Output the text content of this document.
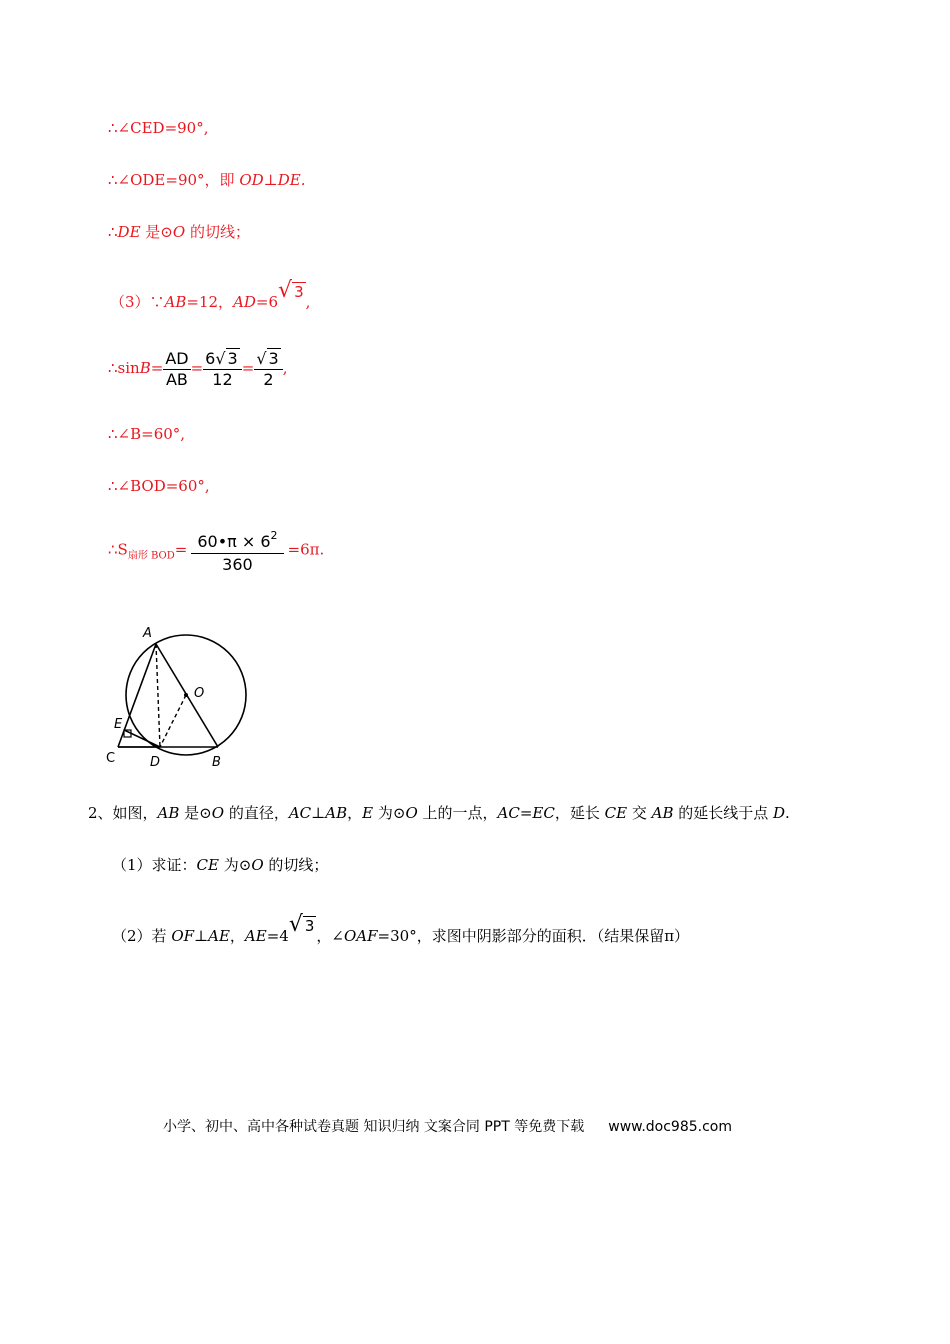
∴∠CED=90°,
∴∠ODE=90°，即 OD⊥DE.
∴DE 是⊙O 的切线；
（3）∵AB=12，AD=6√ 3,
∴sinB= $\frac{AD}{AB} = \frac{6√ 3}{12} = \frac{√ 3}{2}$ ,
∴∠B=60°,
∴∠BOD=60°,
$\therefore S_{扇形 BOD}= \frac{60•\pi \times 6^2}{360} =6\pi$.
A
O
E
C	D	B
2、如图，AB 是⊙O 的直径，AC⊥AB，E 为⊙O 上的一点，AC=EC，延长 CE 交 AB 的延长线于点 D.
（1）求证：CE 为⊙O 的切线；
（2）若 OF⊥AE，AE=4√ 3，∠OAF=30°，求图中阴影部分的面积．（结果保留π）
小学、初中、高中各种试卷真题 知识归纳 文案合同 PPT 等免费下载 www.doc985.com
